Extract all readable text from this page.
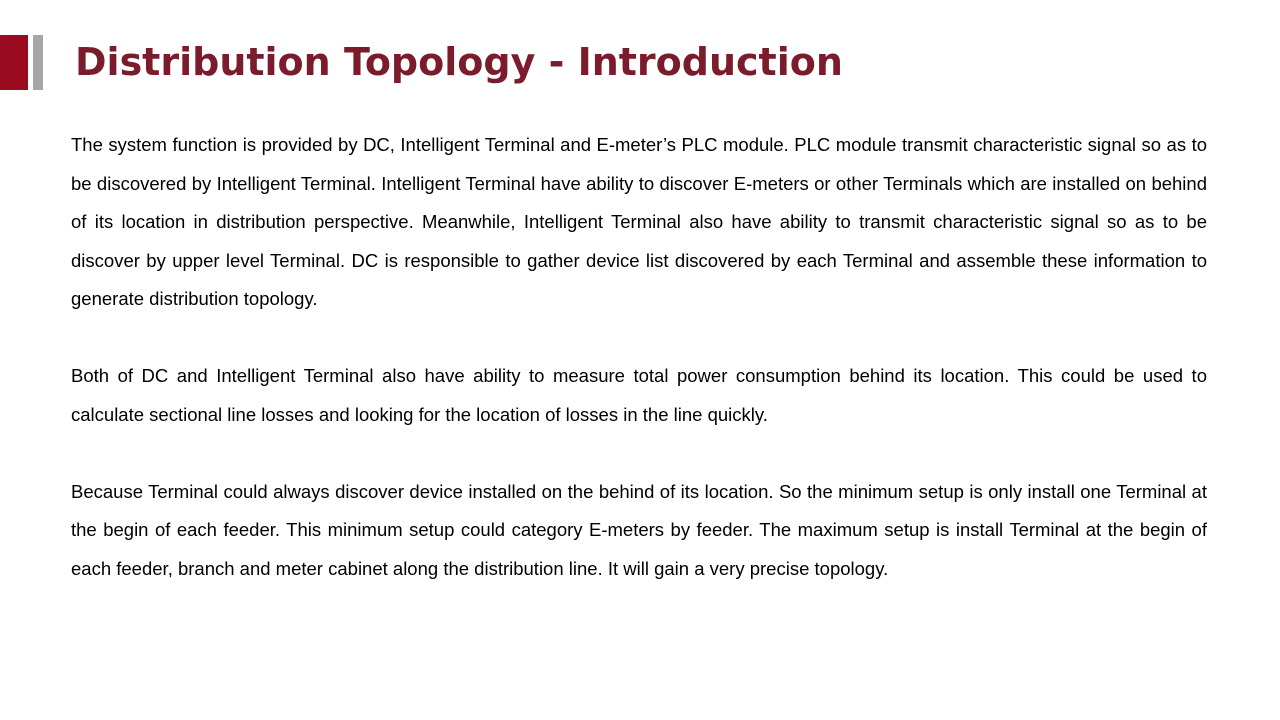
Distribution Topology - Introduction

The system function is provided by DC, Intelligent Terminal and E-meter’s PLC module. PLC module transmit characteristic signal so as to be discovered by Intelligent Terminal. Intelligent Terminal have ability to discover E-meters or other Terminals which are installed on behind of its location in distribution perspective. Meanwhile, Intelligent Terminal also have ability to transmit characteristic signal so as to be discover by upper level Terminal. DC is responsible to gather device list discovered by each Terminal and assemble these information to generate distribution topology.

Both of DC and Intelligent Terminal also have ability to measure total power consumption behind its location. This could be used to calculate sectional line losses and looking for the location of losses in the line quickly.

Because Terminal could always discover device installed on the behind of its location. So the minimum setup is only install one Terminal at the begin of each feeder. This minimum setup could category E-meters by feeder. The maximum setup is install Terminal at the begin of each feeder, branch and meter cabinet along the distribution line. It will gain a very precise topology.
